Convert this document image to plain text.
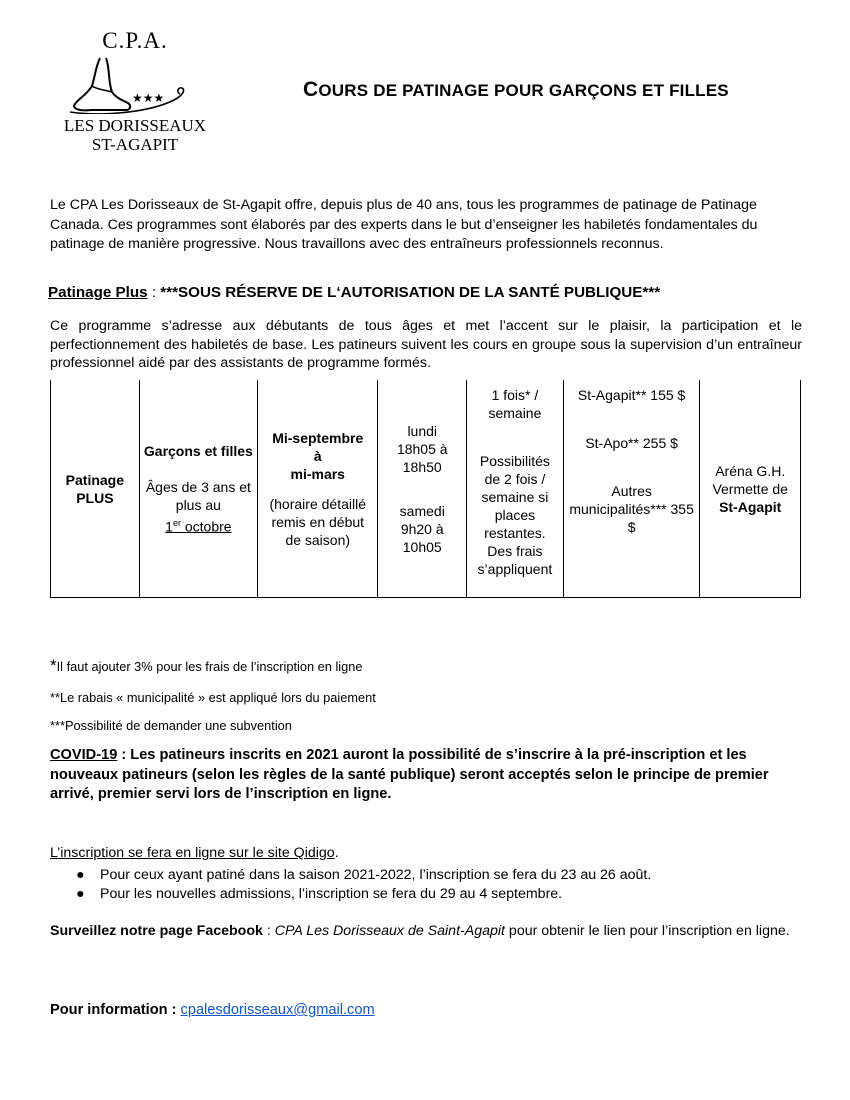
C.P.A.
★★★
LES DORISSEAUX
ST-AGAPIT
COURS DE PATINAGE POUR GARÇONS ET FILLES
Le CPA Les Dorisseaux de St-Agapit offre, depuis plus de 40 ans, tous les programmes de patinage de Patinage Canada. Ces programmes sont élaborés par des experts dans le but d’enseigner les habiletés fondamentales du patinage de manière progressive. Nous travaillons avec des entraîneurs professionnels reconnus.
Patinage Plus : ***SOUS RÉSERVE DE L‘AUTORISATION DE LA SANTÉ PUBLIQUE***
Ce programme s’adresse aux débutants de tous âges et met l’accent sur le plaisir, la participation et le perfectionnement des habiletés de base. Les patineurs suivent les cours en groupe sous la supervision d’un entraîneur professionnel aidé par des assistants de programme formés.
Patinage
PLUS

Garçons et filles
Âges de 3 ans et plus au
1er octobre

Mi-septembre
à
mi-mars
(horaire détaillé remis en début de saison)

lundi
18h05 à
18h50
samedi
9h20 à
10h05

1 fois* / semaine
Possibilités de 2 fois / semaine si places restantes. Des frais s’appliquent

St-Agapit** 155 $
St-Apo** 255 $
Autres municipalités*** 355 $

Aréna G.H. Vermette de
St-Agapit
*Il faut ajouter 3% pour les frais de l’inscription en ligne
**Le rabais « municipalité » est appliqué lors du paiement
***Possibilité de demander une subvention
COVID-19 : Les patineurs inscrits en 2021 auront la possibilité de s’inscrire à la pré-inscription et les nouveaux patineurs (selon les règles de la santé publique) seront acceptés selon le principe de premier arrivé, premier servi lors de l’inscription en ligne.
L’inscription se fera en ligne sur le site Qidigo.
● Pour ceux ayant patiné dans la saison 2021-2022, l’inscription se fera du 23 au 26 août.
● Pour les nouvelles admissions, l’inscription se fera du 29 au 4 septembre.
Surveillez notre page Facebook : CPA Les Dorisseaux de Saint-Agapit pour obtenir le lien pour l’inscription en ligne.
Pour information : cpalesdorisseaux@gmail.com
